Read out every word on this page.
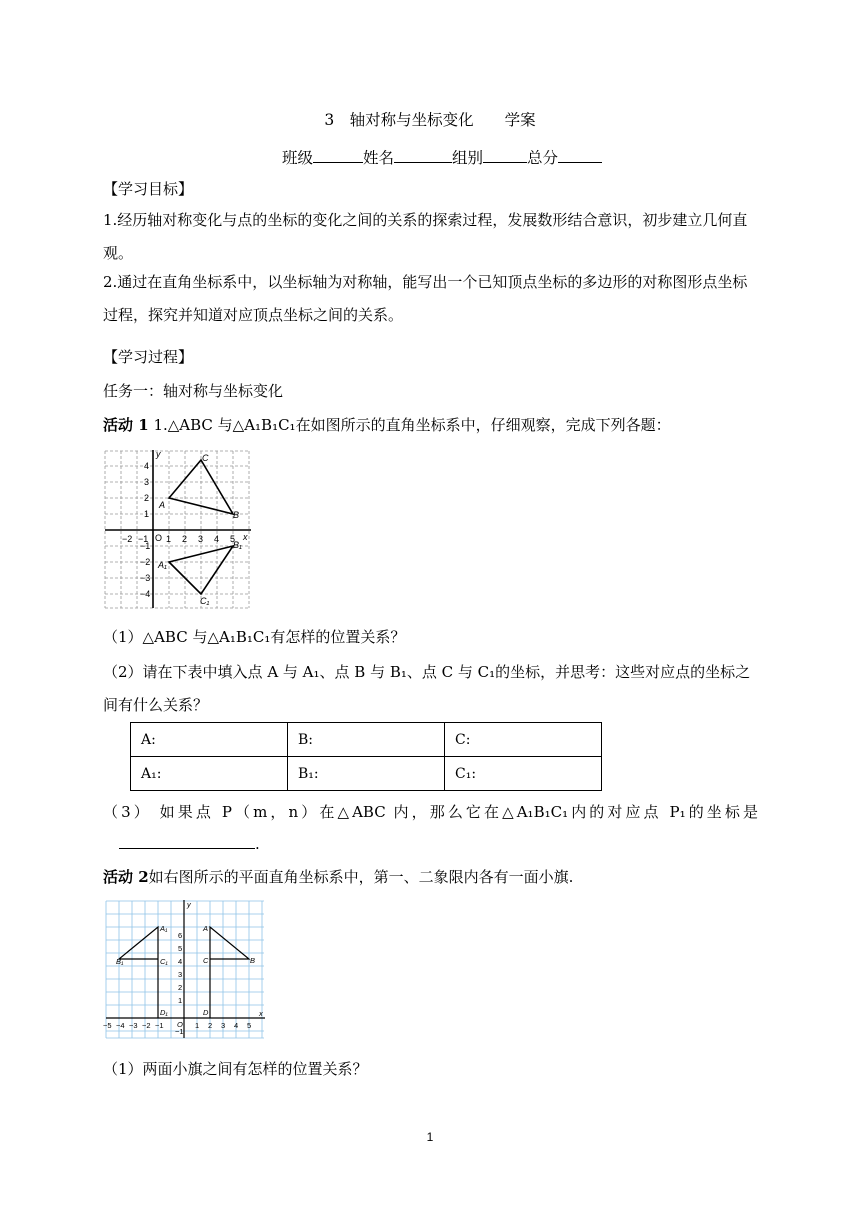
3　轴对称与坐标变化　　学案
班级	姓名	组别	总分
【学习目标】
1.经历轴对称变化与点的坐标的变化之间的关系的探索过程，发展数形结合意识，初步建立几何直观。
2.通过在直角坐标系中，以坐标轴为对称轴，能写出一个已知顶点坐标的多边形的对称图形点坐标过程，探究并知道对应顶点坐标之间的关系。
【学习过程】
任务一：轴对称与坐标变化
活动 1 1.△ABC 与△A₁B₁C₁在如图所示的直角坐标系中，仔细观察，完成下列各题：
−2 −1 O 1 2 3 4 5
4
3
2
1
−1
−2
−3
−4
x
y
A
B
C
A₁
B₁
C₁
（1）△ABC 与△A₁B₁C₁有怎样的位置关系？
（2）请在下表中填入点 A 与 A₁、点 B 与 B₁、点 C 与 C₁的坐标，并思考：这些对应点的坐标之间有什么关系？
A:	B:	C:
A₁:	B₁:	C₁:
（3） 如果点 P（m，n）在△ABC 内，那么它在△A₁B₁C₁内的对应点 P₁的坐标是
.
活动 2如右图所示的平面直角坐标系中，第一、二象限内各有一面小旗.
−5 −4 −3 −2 −1 O 1 2 3 4 5
6
5
4
3
2
1
−1
x
y
A
B
C
D
A₁
B₁	C₁
D₁
（1）两面小旗之间有怎样的位置关系？
1
